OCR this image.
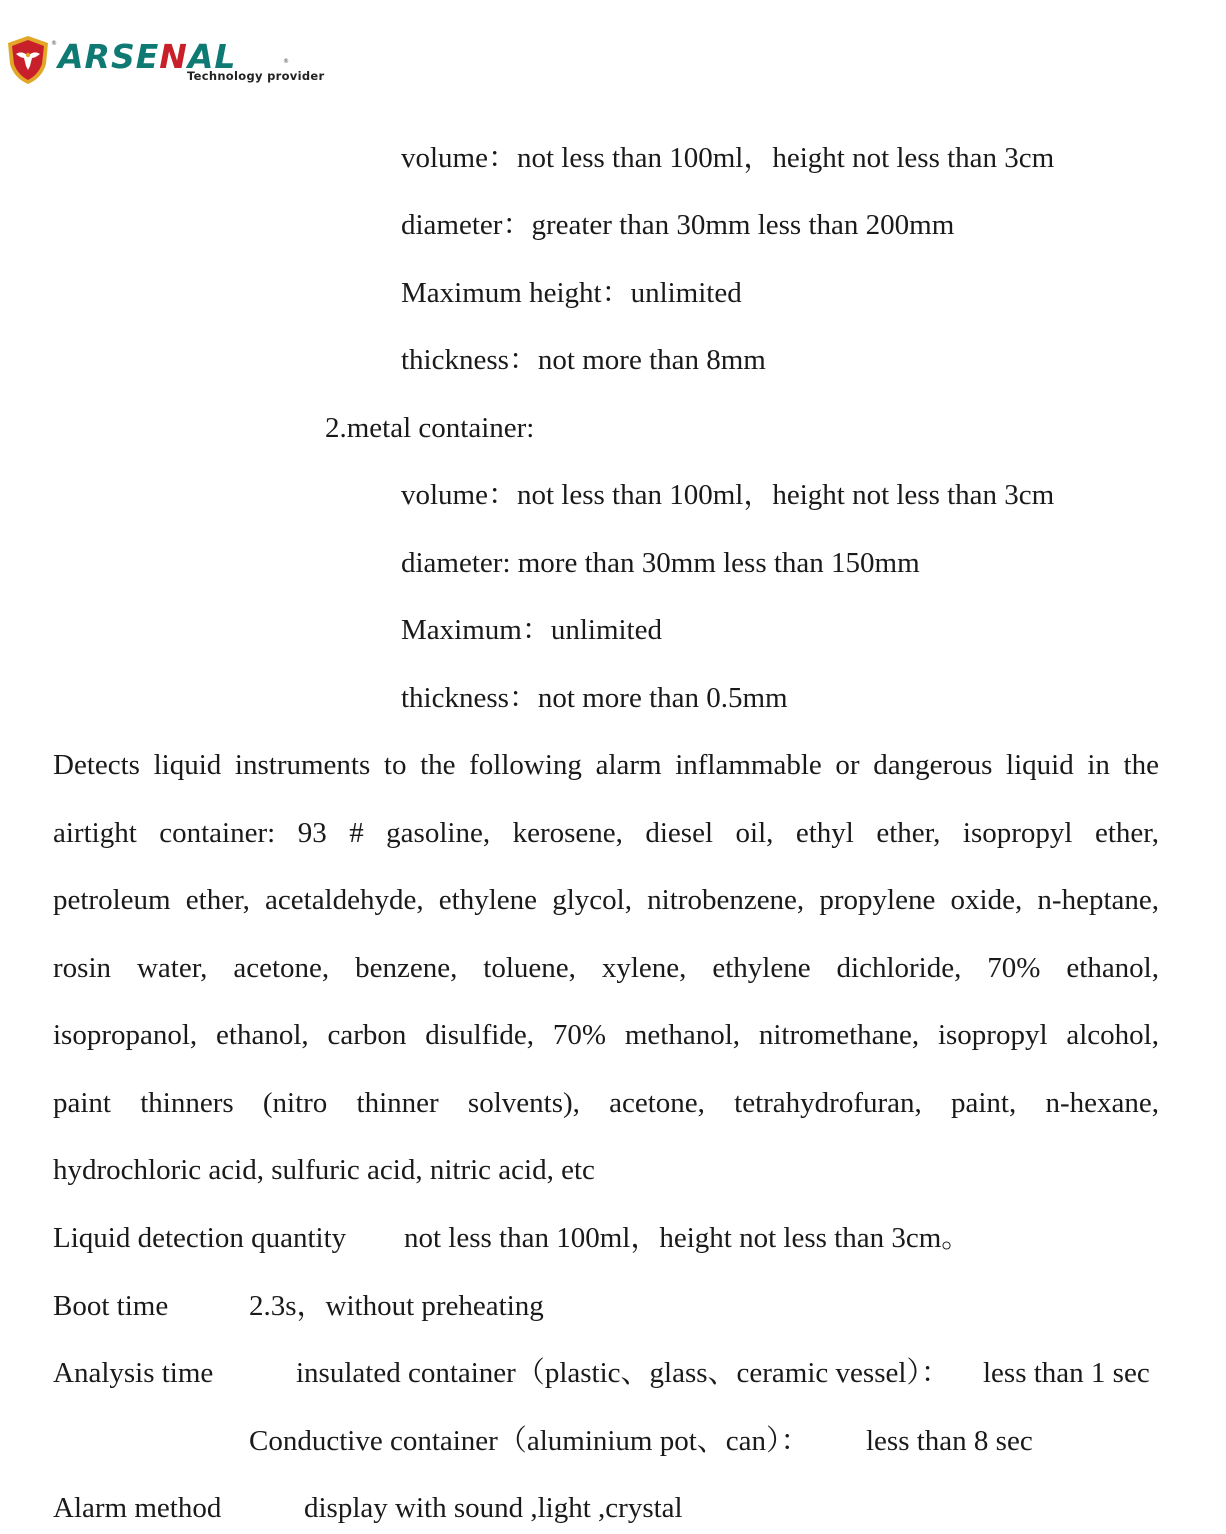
® ARSENAL	®
Technology provider
volume：not less than 100ml，height not less than 3cm
diameter：greater than 30mm less than 200mm
Maximum height：unlimited
thickness：not more than 8mm
2.metal container:
volume：not less than 100ml，height not less than 3cm
diameter: more than 30mm less than 150mm
Maximum：unlimited
thickness：not more than 0.5mm
Detects liquid instruments to the following alarm inflammable or dangerous liquid in the
airtight container: 93 # gasoline, kerosene, diesel oil, ethyl ether, isopropyl ether,
petroleum ether, acetaldehyde, ethylene glycol, nitrobenzene, propylene oxide, n-heptane,
rosin water, acetone, benzene, toluene, xylene, ethylene dichloride, 70% ethanol,
isopropanol, ethanol, carbon disulfide, 70% methanol, nitromethane, isopropyl alcohol,
paint thinners (nitro thinner solvents), acetone, tetrahydrofuran, paint, n-hexane,
hydrochloric acid, sulfuric acid, nitric acid, etc
Liquid detection quantity not less than 100ml，height not less than 3cm。
Boot time	2.3s，without preheating
Analysis time	insulated container（plastic、glass、ceramic vessel）： less than 1 sec
Conductive container（aluminium pot、can）： less than 8 sec
Alarm method	display with sound ,light ,crystal
